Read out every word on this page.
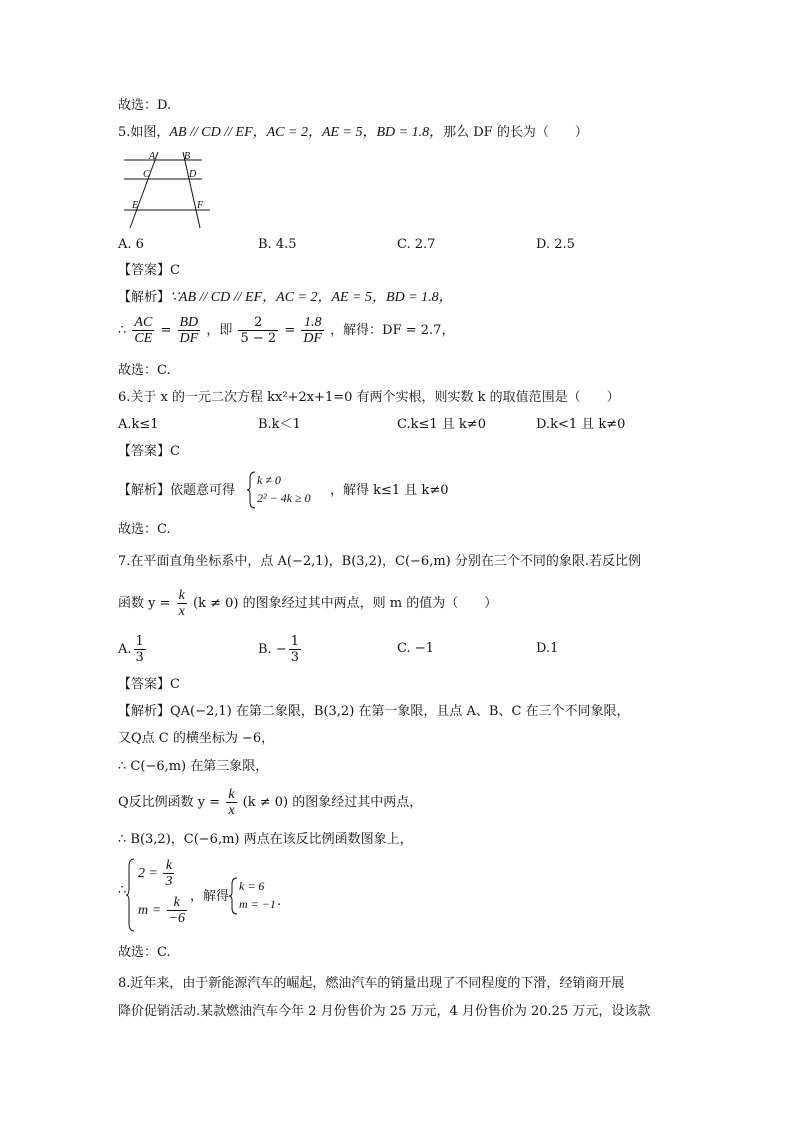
故选：D.
5.如图，AB // CD // EF，AC = 2，AE = 5，BD = 1.8，那么 DF 的长为（　　）
A	B
C	D
E	F
A. 6	B. 4.5	C. 2.7	D. 2.5
【答案】C
【解析】∵AB // CD // EF，AC = 2，AE = 5，BD = 1.8，
∴ $\frac{AC}{CE} = \frac{BD}{DF}$ ，即 $\frac{2}{5 - 2} = \frac{1.8}{DF}$ ，解得：DF = 2.7，
故选：C.
6.关于 x 的一元二次方程 kx²+2x+1=0 有两个实根，则实数 k 的取值范围是（　　）
A.k≤1	B.k＜1	C.k≤1 且 k≠0	D.k<1 且 k≠0
【答案】C
【解析】依题意可得
k ≠ 0
2² − 4k ≥ 0 ，解得 k≤1 且 k≠0
故选：C.
7.在平面直角坐标系中，点 A(−2,1)，B(3,2)，C(−6,m) 分别在三个不同的象限.若反比例
函数 $y = \frac{k}{x} (k \ne 0)$ 的图象经过其中两点，则 m 的值为（　　）
A. $\frac{1}{3}$	B. − $\frac{1}{3}$	C. −1	D.1
【答案】C
【解析】QA(−2,1) 在第二象限，B(3,2) 在第一象限，且点 A、B、C 在三个不同象限，
又Q点 C 的横坐标为 −6，
∴ C(−6,m) 在第三象限，
Q反比例函数 $y = \frac{k}{x} (k \ne 0)$ 的图象经过其中两点，
∴ B(3,2)，C(−6,m) 两点在该反比例函数图象上，
∴
$2 = \frac{k}{3}$
$m = \frac{k}{-6}$ ，解得
k = 6
m = −1 .
故选：C.
8.近年来，由于新能源汽车的崛起，燃油汽车的销量出现了不同程度的下滑，经销商开展
降价促销活动.某款燃油汽车今年 2 月份售价为 25 万元，4 月份售价为 20.25 万元，设该款
